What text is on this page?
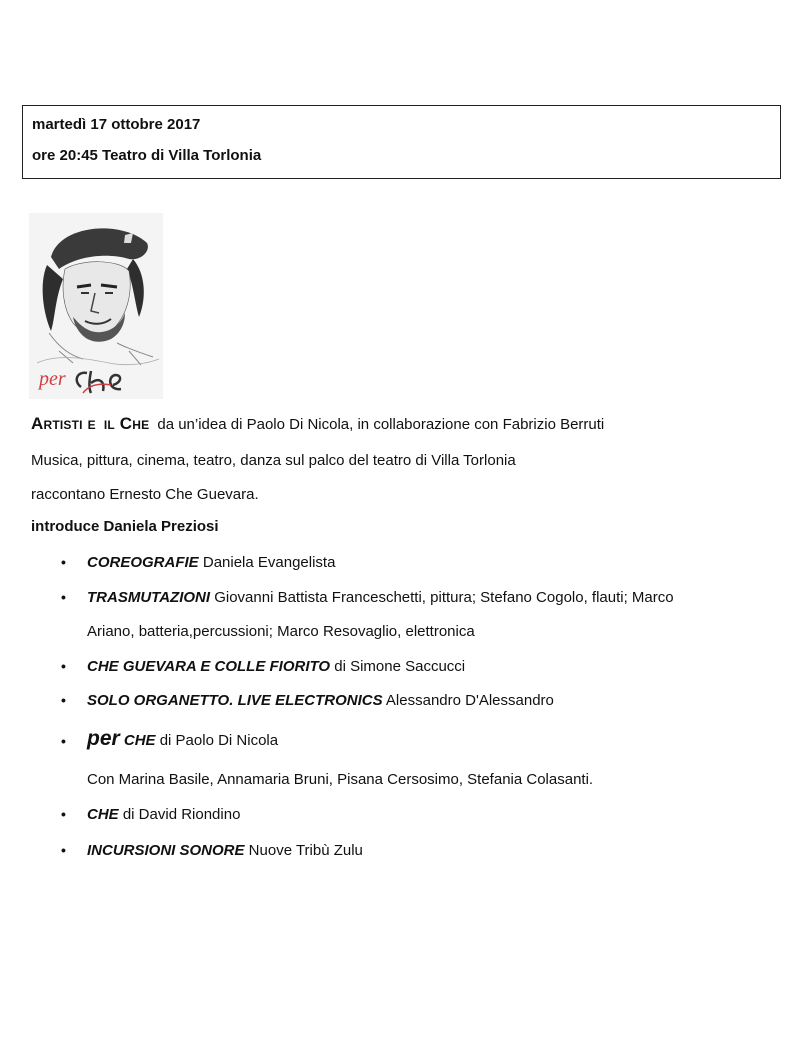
martedì 17 ottobre 2017
ore 20:45 Teatro di Villa Torlonia
per
Artisti e il Che da un’idea di Paolo Di Nicola, in collaborazione con Fabrizio Berruti
Musica, pittura, cinema, teatro, danza sul palco del teatro di Villa Torlonia
raccontano Ernesto Che Guevara.
introduce Daniela Preziosi
• COREOGRAFIE Daniela Evangelista
• TRASMUTAZIONI Giovanni Battista Franceschetti, pittura; Stefano Cogolo, flauti; Marco
Ariano, batteria,percussioni; Marco Resovaglio, elettronica
• CHE GUEVARA E COLLE FIORITO di Simone Saccucci
• SOLO ORGANETTO. LIVE ELECTRONICS Alessandro D'Alessandro
• per CHE di Paolo Di Nicola
Con Marina Basile, Annamaria Bruni, Pisana Cersosimo, Stefania Colasanti.
• CHE di David Riondino
• INCURSIONI SONORE Nuove Tribù Zulu
